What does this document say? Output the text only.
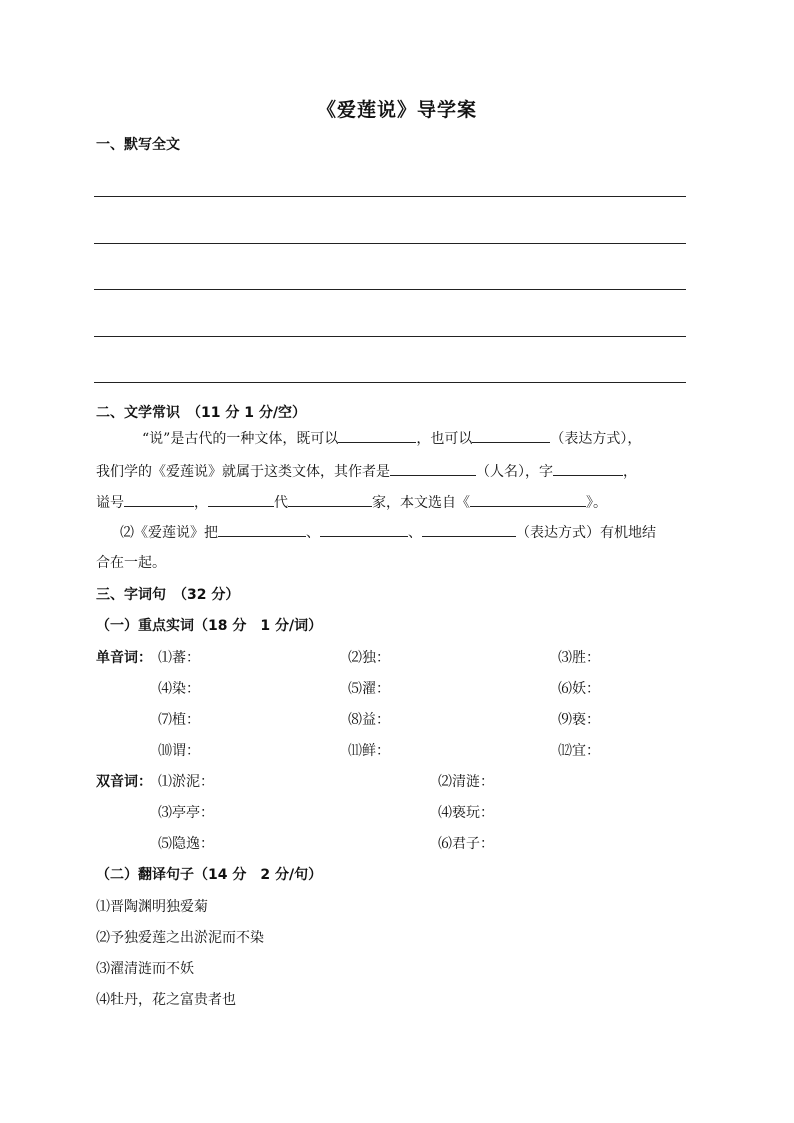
《爱莲说》导学案
一、默写全文
二、文学常识　（11 分 1 分/空）
“说”是古代的一种文体，既可以	，也可以	（表达方式），
我们学的《爱莲说》就属于这类文体，其作者是	（人名），字	，
谥号	，	代	家，本文选自《	》。
⑵《爱莲说》把	、	、	（表达方式）有机地结
合在一起。
三、字词句　（32 分）
（一）重点实词（18 分　1 分/词）
单音词： ⑴蕃：	⑵独：	⑶胜：
⑷染：	⑸濯：	⑹妖：
⑺植：	⑻益：	⑼亵：
⑽谓：	⑾鲜：	⑿宜：
双音词： ⑴淤泥：	⑵清涟：
⑶亭亭：	⑷亵玩：
⑸隐逸：	⑹君子：
（二）翻译句子（14 分　2 分/句）
⑴晋陶渊明独爱菊
⑵予独爱莲之出淤泥而不染
⑶濯清涟而不妖
⑷牡丹，花之富贵者也
